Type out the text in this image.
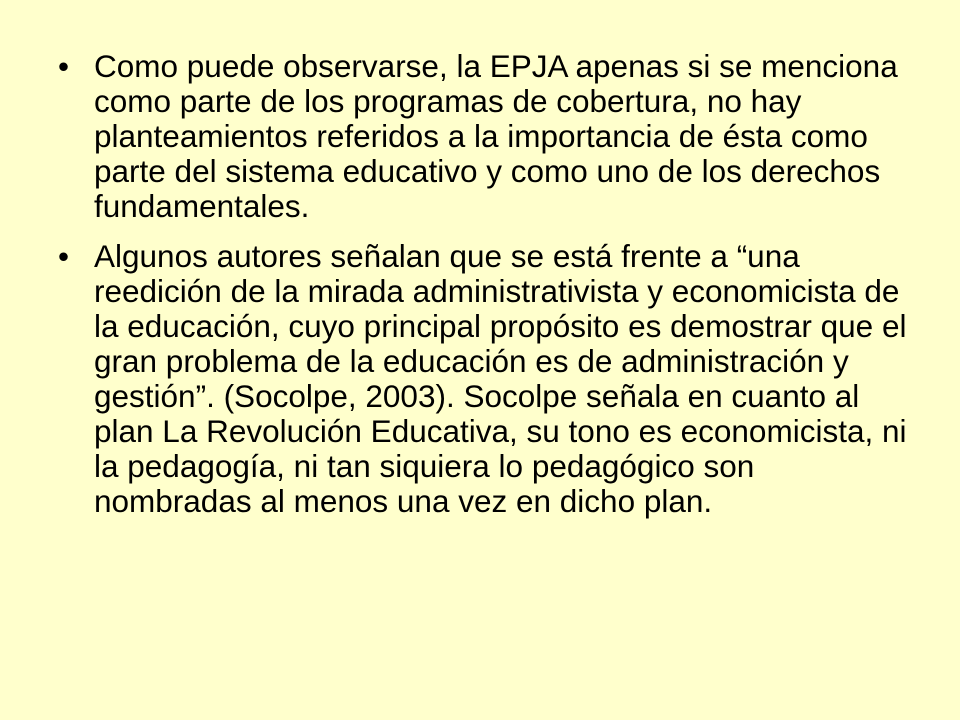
• Como puede observarse, la EPJA apenas si se menciona como parte de los programas de cobertura, no hay planteamientos referidos a la importancia de ésta como parte del sistema educativo y como uno de los derechos fundamentales.
• Algunos autores señalan que se está frente a “una reedición de la mirada administrativista y economicista de la educación, cuyo principal propósito es demostrar que el gran problema de la educación es de administración y gestión”. (Socolpe, 2003). Socolpe señala en cuanto al plan La Revolución Educativa, su tono es economicista, ni la pedagogía, ni tan siquiera lo pedagógico son nombradas al menos una vez en dicho plan.
